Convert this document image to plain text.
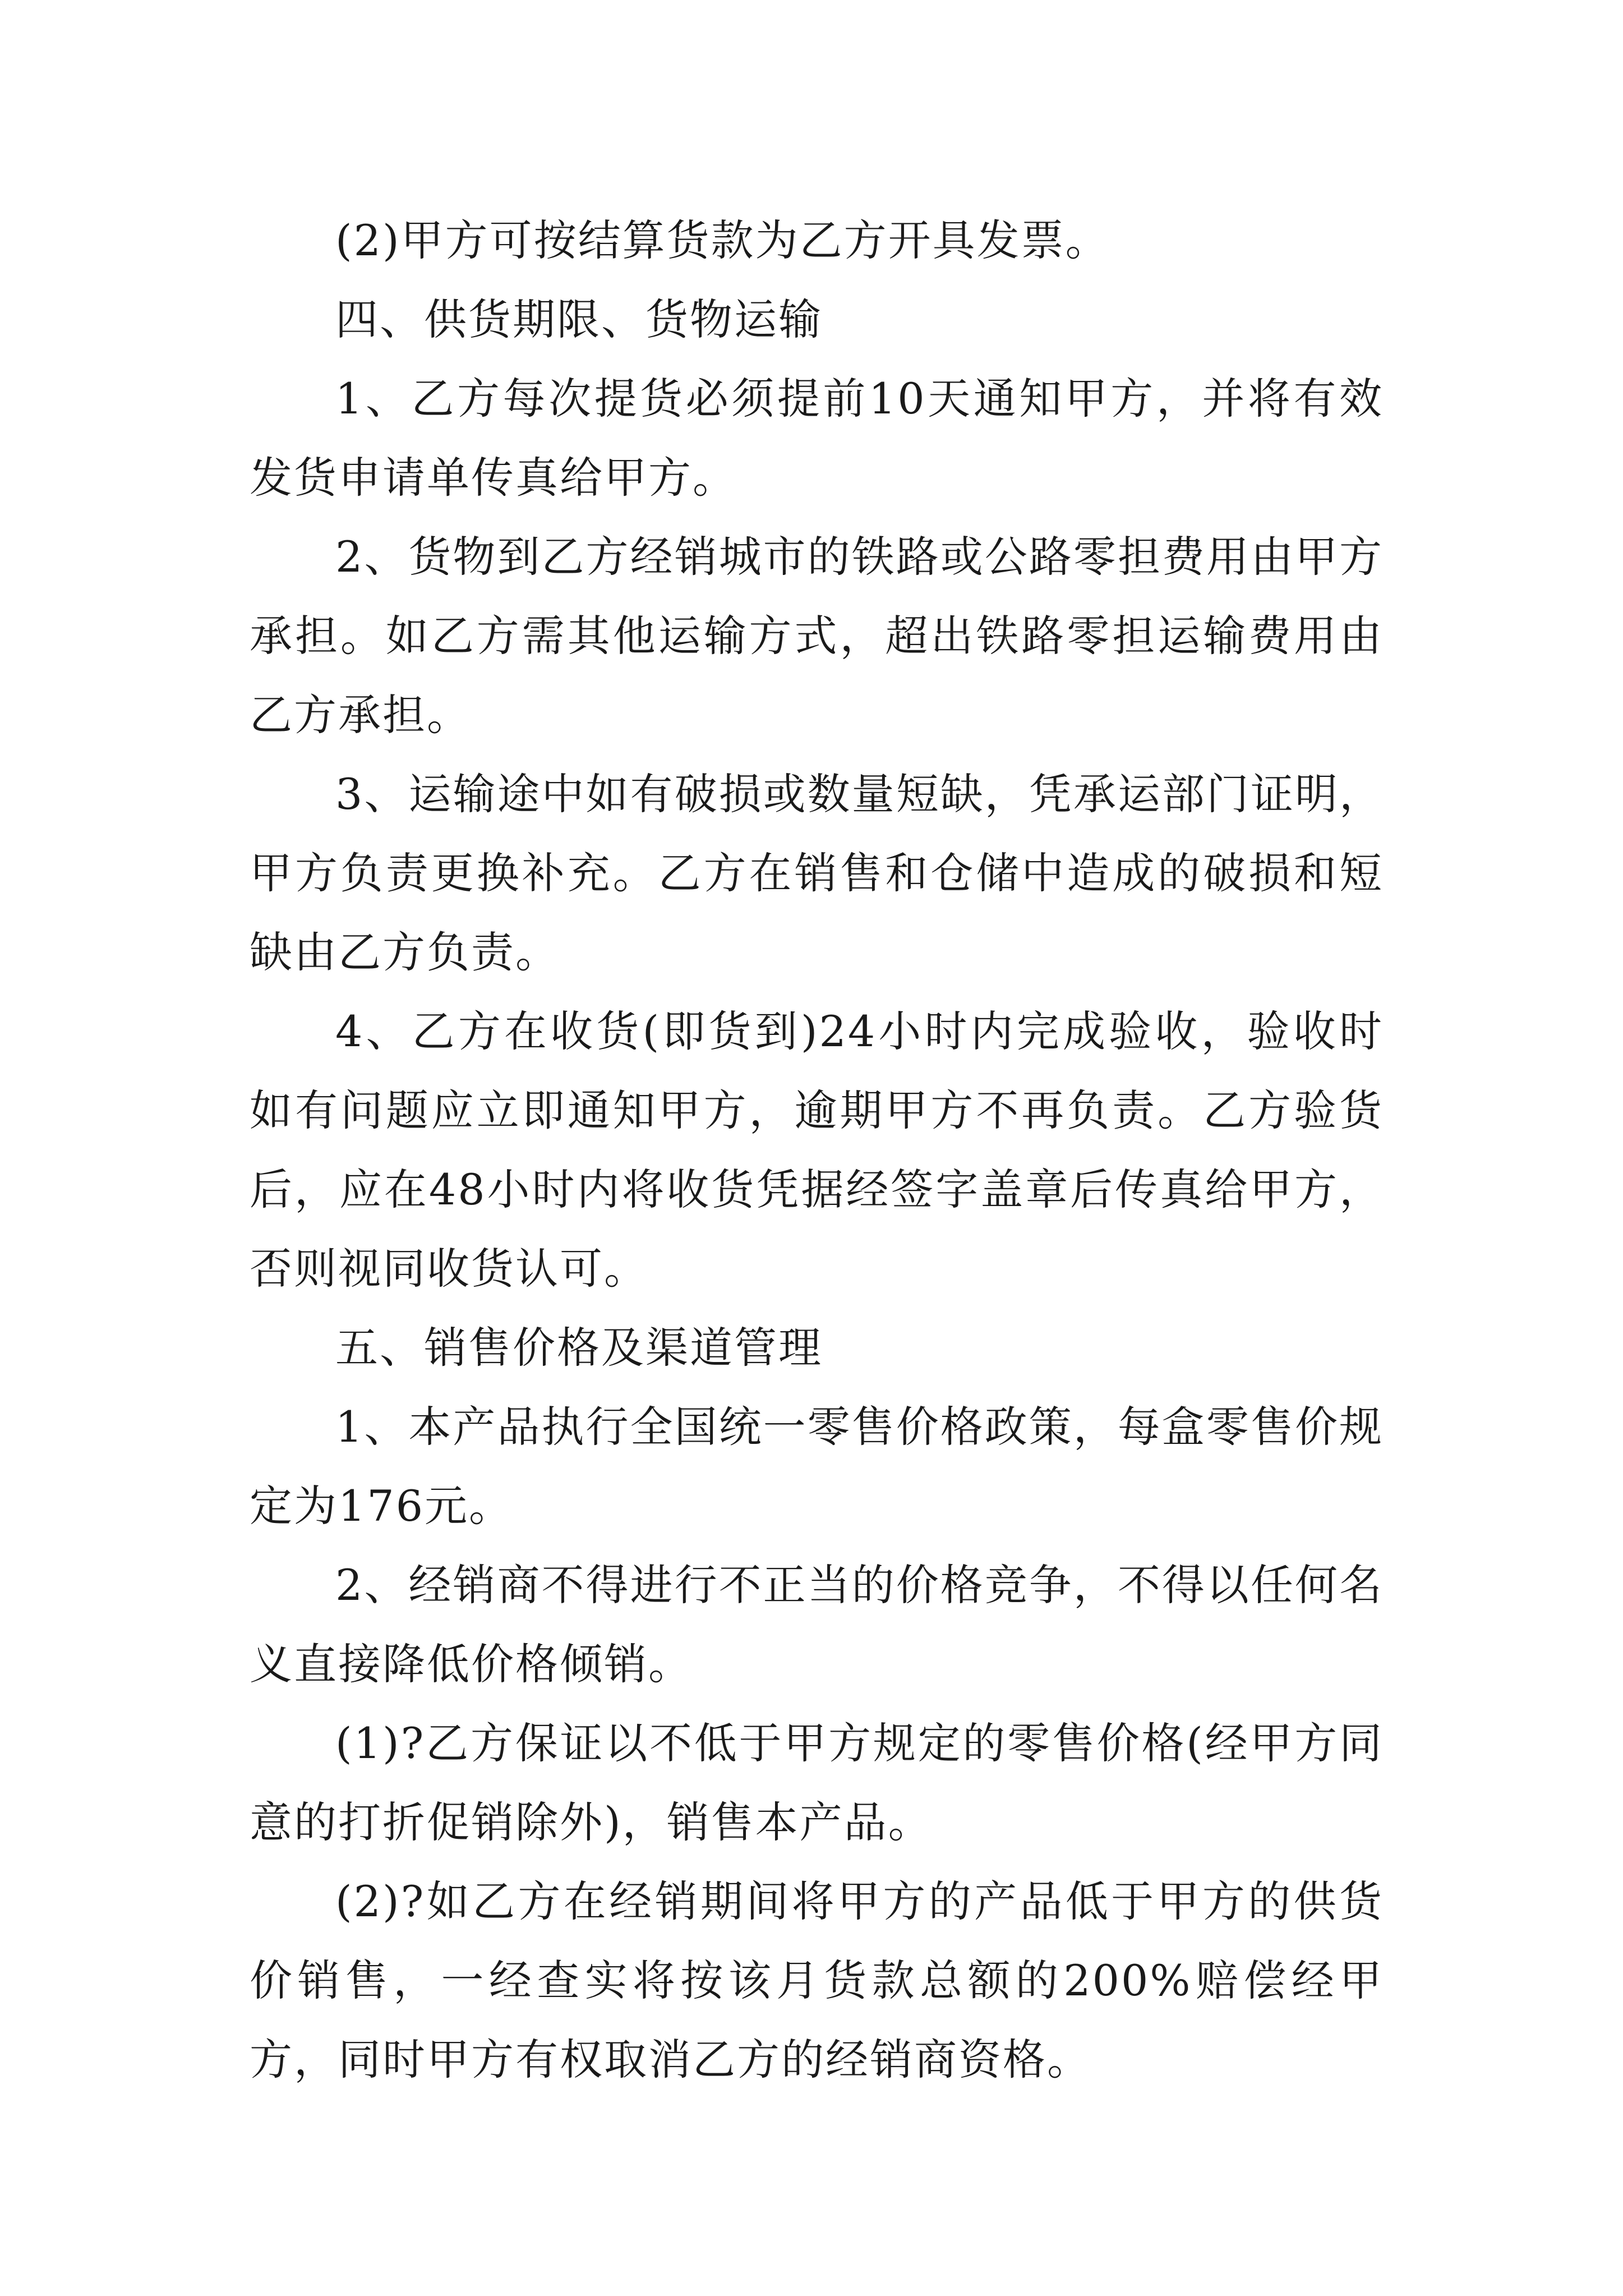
(2)甲方可按结算货款为乙方开具发票。

四、供货期限、货物运输

1、乙方每次提货必须提前10天通知甲方，并将有效发货申请单传真给甲方。

2、货物到乙方经销城市的铁路或公路零担费用由甲方承担。如乙方需其他运输方式，超出铁路零担运输费用由乙方承担。

3、运输途中如有破损或数量短缺，凭承运部门证明，甲方负责更换补充。乙方在销售和仓储中造成的破损和短缺由乙方负责。

4、乙方在收货(即货到)24小时内完成验收，验收时如有问题应立即通知甲方，逾期甲方不再负责。乙方验货后，应在48小时内将收货凭据经签字盖章后传真给甲方，否则视同收货认可。

五、销售价格及渠道管理

1、本产品执行全国统一零售价格政策，每盒零售价规定为176元。

2、经销商不得进行不正当的价格竞争，不得以任何名义直接降低价格倾销。

(1)?乙方保证以不低于甲方规定的零售价格(经甲方同意的打折促销除外)，销售本产品。

(2)?如乙方在经销期间将甲方的产品低于甲方的供货价销售，一经查实将按该月货款总额的200%赔偿经甲方，同时甲方有权取消乙方的经销商资格。
